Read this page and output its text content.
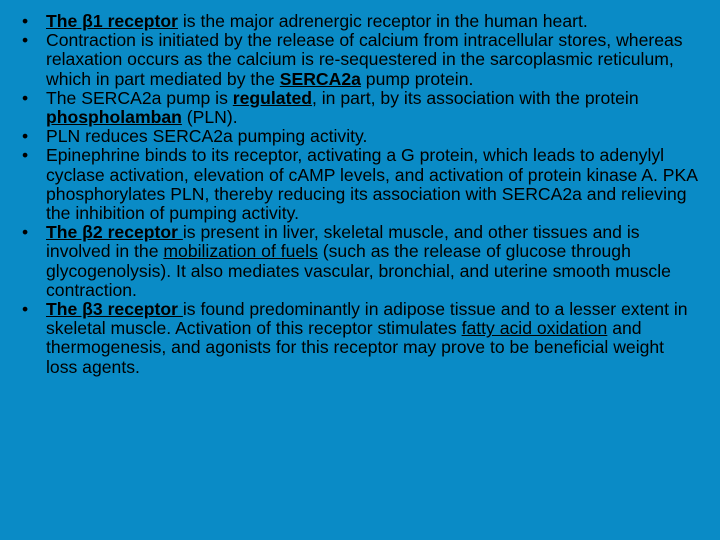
• The β1 receptor is the major adrenergic receptor in the human heart.
• Contraction is initiated by the release of calcium from intracellular stores, whereas relaxation occurs as the calcium is re-sequestered in the sarcoplasmic reticulum, which in part mediated by the SERCA2a pump protein.
• The SERCA2a pump is regulated, in part, by its association with the protein phospholamban (PLN).
• PLN reduces SERCA2a pumping activity.
• Epinephrine binds to its receptor, activating a G protein, which leads to adenylyl cyclase activation, elevation of cAMP levels, and activation of protein kinase A. PKA phosphorylates PLN, thereby reducing its association with SERCA2a and relieving the inhibition of pumping activity.
• The β2 receptor is present in liver, skeletal muscle, and other tissues and is involved in the mobilization of fuels (such as the release of glucose through glycogenolysis). It also mediates vascular, bronchial, and uterine smooth muscle contraction.
• The β3 receptor is found predominantly in adipose tissue and to a lesser extent in skeletal muscle. Activation of this receptor stimulates fatty acid oxidation and thermogenesis, and agonists for this receptor may prove to be beneficial weight loss agents.
